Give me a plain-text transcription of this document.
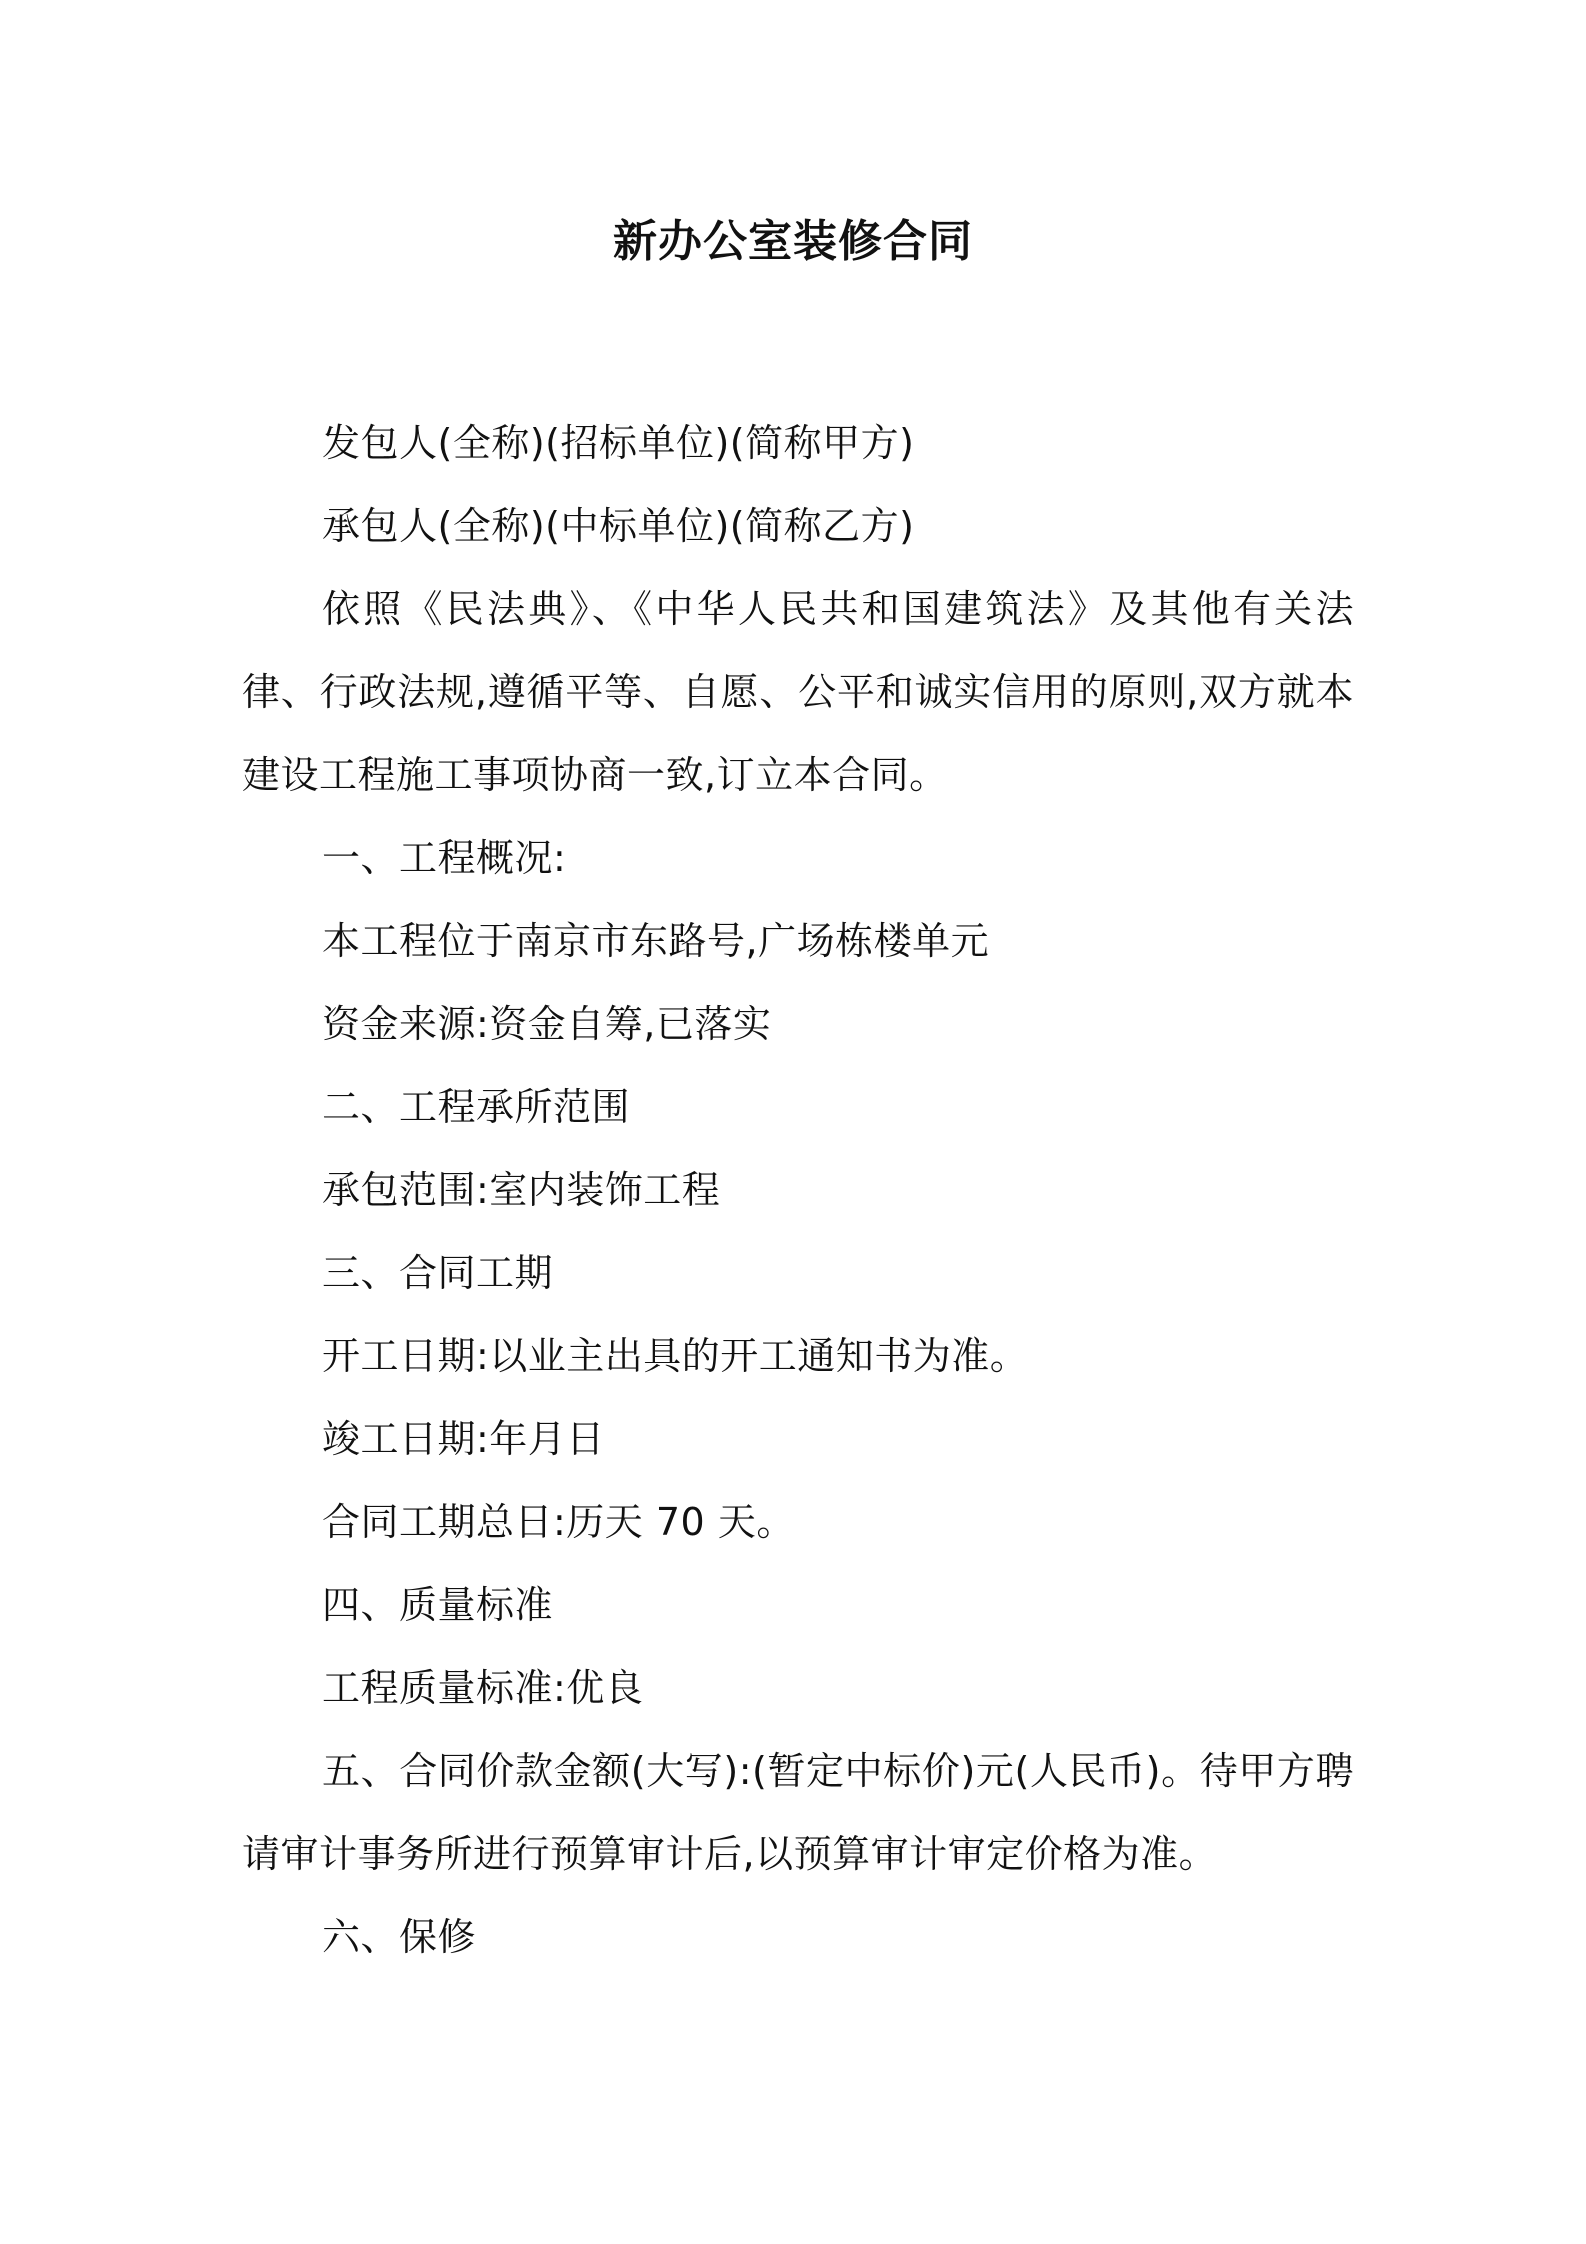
新办公室装修合同

发包人(全称)(招标单位)(简称甲方)

承包人(全称)(中标单位)(简称乙方)

依照《民法典》、《中华人民共和国建筑法》及其他有关法律、行政法规,遵循平等、自愿、公平和诚实信用的原则,双方就本建设工程施工事项协商一致,订立本合同。

一、工程概况:

本工程位于南京市东路号,广场栋楼单元

资金来源:资金自筹,已落实

二、工程承所范围

承包范围:室内装饰工程

三、合同工期

开工日期:以业主出具的开工通知书为准。

竣工日期:年月日

合同工期总日:历天 70 天。

四、质量标准

工程质量标准:优良

五、合同价款金额(大写):(暂定中标价)元(人民币)。待甲方聘请审计事务所进行预算审计后,以预算审计审定价格为准。

六、保修
